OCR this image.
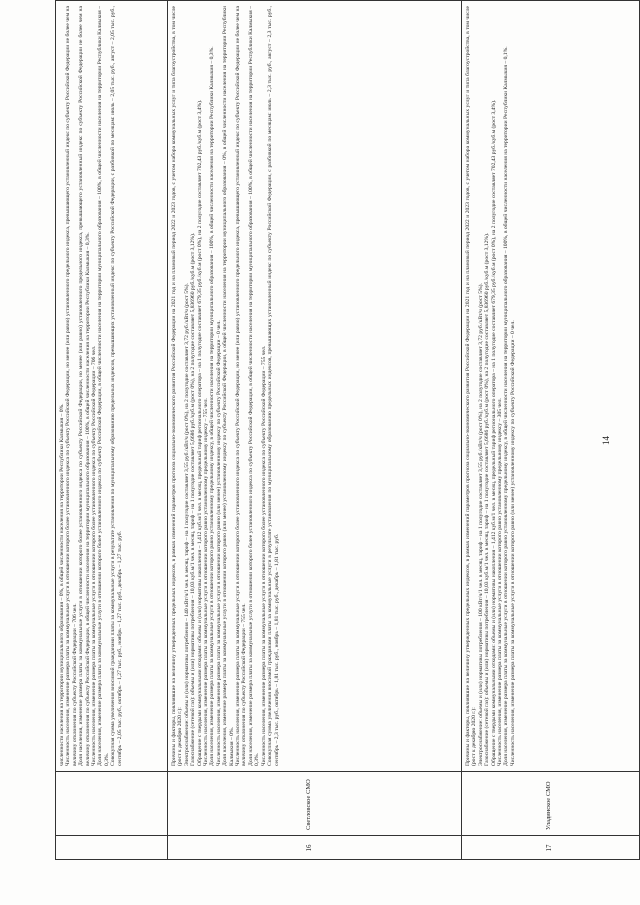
численности населения на территории муниципального образования – 0%, в общей численности населения на территории Республики Калмыкия – 0%. Численность населения, изменение размера платы за коммунальные услуги в отношении которого более установленного индекса по субъекту Российской Федерации, но менее (или равно) установленного предельного индекса, превышающего установленный индекс по субъекту Российской Федерации не более чем на величину отклонения по субъекту Российской Федерации – 706 чел. Доля населения, изменение размера платы за коммунальные услуги в отношении которого более установленного индекса по субъекту Российской Федерации, но менее (или равно) установленного предельного индекса, превышающего установленный индекс по субъекту Российской Федерации не более чем на величину отклонения по субъекту Российской Федерации, в общей численности населения на территории муниципального образования – 100%, в общей численности населения на территории Республики Калмыкия – 0,3%. Численность населения, изменение размера платы за коммунальные услуги в отношении которого более установленного индекса по субъекту Российской Федерации – 706 чел. Доля населения, изменение размера платы за коммунальные услуги в отношении которого более установленного индекса по субъекту Российской Федерации, в общей численности населения на территории муниципального образования – 100%, в общей численности населения на территории Республики Калмыкия – 0,3%. Совокупная сумма увеличения вносимой гражданами платы за коммунальные услуги в результате установления по муниципальному образованию предельных индексов, превышающих установленный индекс по субъекту Российской Федерации, с разбивкой по месяцам: июль – 2,05 тыс. руб., август – 2,05 тыс. руб., сентябрь – 2,05 тыс. руб., октябрь – 1,27 тыс. руб., ноябрь – 1,27 тыс. руб., декабрь – 1,27 тыс. руб.
16
Светловское СМО
Причины и факторы, повлиявшие на величину утвержденных предельных индексов, в рамках изменений параметров прогноза социально-экономического развития Российской Федерации на 2021 год и на плановый период 2022 и 2023 годов, с учетом набора коммунальных услуг и типа благоустройства, в том числе (рост к декабрю 2020 г.): Электроснабжение: объемы и (или) нормативы потребления – 140 кВт/ч/1 чел. в месяц, тариф – на 1 полугодие составляет 3,55 руб./кВт/ч (рост 0%), на 2 полугодие составляет 3,72 руб./кВт/ч (рост 5%). Газоснабжение (сетевой газ): объемы и (или) нормативы потребления – 10,03 куб.м/1 чел. в месяц, тариф – на 1 полугодие составляет 5,6686 руб./куб.м (рост 0%), на 2 полугодие составляет 5,836960 руб./куб.м (рост 3,12%). Обращение с твердыми коммунальными отходами: объемы и (или) нормативы накопления – 1,412 куб.м/1 чел. в месяц, предельный тариф регионального оператора – на 1 полугодие составляет 679,35 руб./куб.м (рост 0%), на 2 полугодие составляет 702,43 руб./куб.м (рост 3,4%). Численность населения, изменение размера платы за коммунальные услуги в отношении которого равно установленному предельному индексу – 755 чел. Доля населения, изменение размера платы за коммунальные услуги в отношении которого равно установленному предельному индексу, в общей численности населения на территории муниципального образования – 100%, в общей численности населения на территории Республики Калмыкия – 0,3%. Численность населения, изменение размера платы за коммунальные услуги в отношении которого равно (или менее) установленному индексу по субъекту Российской Федерации – 0 чел. Доля населения, изменение размера платы за коммунальные услуги в отношении которого равно (или менее) установленному индексу по субъекту Российской Федерации, в общей численности населения на территории муниципального образования – 0%, в общей численности населения на территории Республики Калмыкия – 0%. Численность населения, изменение размера платы за коммунальные услуги в отношении которого более установленного индекса по субъекту Российской Федерации, но менее (или равно) установленного предельного индекса, превышающего установленный индекс по субъекту Российской Федерации не более чем на величину отклонения по субъекту Российской Федерации – 755 чел. Доля населения, изменение размера платы за коммунальные услуги в отношении которого более установленного индекса по субъекту Российской Федерации, в общей численности населения на территории муниципального образования – 100%, в общей численности населения на территории Республики Калмыкия – 0,3%. Численность населения, изменение размера платы за коммунальные услуги в отношении которого более установленного индекса по субъекту Российской Федерации – 755 чел. Совокупная сумма увеличения вносимой гражданами платы за коммунальные услуги в результате установления по муниципальному образованию предельных индексов, превышающих установленный индекс по субъекту Российской Федерации, с разбивкой по месяцам: июль – 2,3 тыс. руб., август – 2,3 тыс. руб., сентябрь – 2,3 тыс. руб., октябрь – 1,81 тыс. руб., ноябрь – 1,81 тыс. руб., декабрь – 1,81 тыс. руб.
17
Уладинское СМО
Причины и факторы, повлиявшие на величину утвержденных предельных индексов, в рамках изменений параметров прогноза социально-экономического развития Российской Федерации на 2021 год и на плановый период 2022 и 2023 годов, с учетом набора коммунальных услуг и типа благоустройства, в том числе (рост к декабрю 2020 г.): Электроснабжение: объемы и (или) нормативы потребления – 100 кВт/ч/1 чел. в месяц, тариф – на 1 полугодие составляет 3,55 руб./кВт/ч (рост 0%), на 2 полугодие составляет 3,72 руб./кВт/ч (рост 5%). Газоснабжение (сетевой газ): объемы и (или) нормативы потребления – 10,03 куб.м/1 чел. в месяц, тариф – на 1 полугодие составляет 5,6686 руб./куб.м (рост 0%), на 2 полугодие составляет 5,836960 руб./куб.м (рост 3,12%). Обращение с твердыми коммунальными отходами: объемы и (или) нормативы накопления – 1,412 куб.м/1 чел. в месяц, предельный тариф регионального оператора – на 1 полугодие составляет 679,35 руб./куб.м (рост 0%), на 2 полугодие составляет 702,43 руб./куб.м (рост 3,4%). Численность населения, изменение размера платы за коммунальные услуги в отношении которого равно установленному предельному индексу – 305 чел. Доля населения, изменение размера платы за коммунальные услуги в отношении которого равно установленному предельному индексу, в общей численности населения на территории муниципального образования – 100%, в общей численности населения на территории Республики Калмыкия – 0,1%. Численность населения, изменение размера платы за коммунальные услуги в отношении которого равно (или менее) установленному индексу по субъекту Российской Федерации – 0 чел.	14
